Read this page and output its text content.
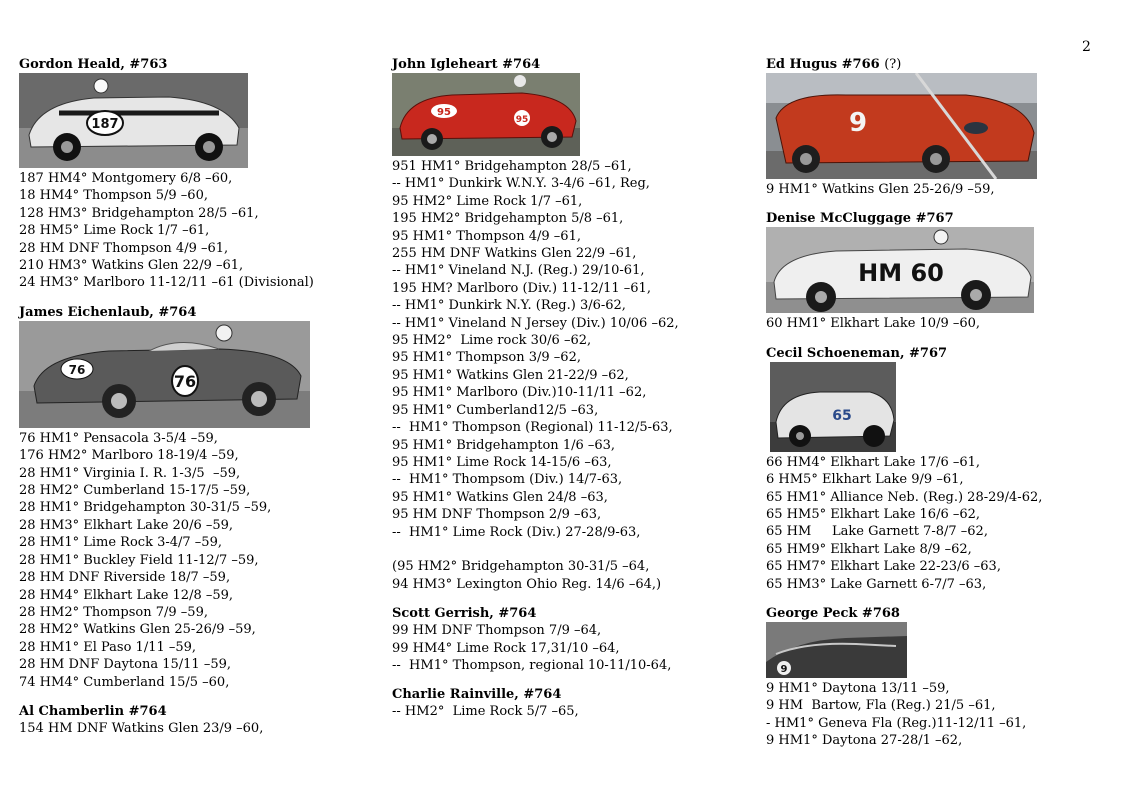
2
Gordon Heald, #763
187
187 HM4° Montgomery 6/8 –60,
18 HM4° Thompson 5/9 –60,
128 HM3° Bridgehampton 28/5 –61,
28 HM5° Lime Rock 1/7 –61,
28 HM DNF Thompson 4/9 –61,
210 HM3° Watkins Glen 22/9 –61,
24 HM3° Marlboro 11-12/11 –61 (Divisional)
James Eichenlaub, #764
76
76
76 HM1° Pensacola 3-5/4 –59,
176 HM2° Marlboro 18-19/4 –59,
28 HM1° Virginia I. R. 1-3/5  –59,
28 HM2° Cumberland 15-17/5 –59,
28 HM1° Bridgehampton 30-31/5 –59,
28 HM3° Elkhart Lake 20/6 –59,
28 HM1° Lime Rock 3-4/7 –59,
28 HM1° Buckley Field 11-12/7 –59,
28 HM DNF Riverside 18/7 –59,
28 HM4° Elkhart Lake 12/8 –59,
28 HM2° Thompson 7/9 –59,
28 HM2° Watkins Glen 25-26/9 –59,
28 HM1° El Paso 1/11 –59,
28 HM DNF Daytona 15/11 –59,
74 HM4° Cumberland 15/5 –60,
Al Chamberlin #764
154 HM DNF Watkins Glen 23/9 –60,
John Igleheart #764
95
95
951 HM1° Bridgehampton 28/5 –61,
-- HM1° Dunkirk W.N.Y. 3-4/6 –61, Reg,
95 HM2° Lime Rock 1/7 –61,
195 HM2° Bridgehampton 5/8 –61,
95 HM1° Thompson 4/9 –61,
255 HM DNF Watkins Glen 22/9 –61,
-- HM1° Vineland N.J. (Reg.) 29/10-61,
195 HM? Marlboro (Div.) 11-12/11 –61,
-- HM1° Dunkirk N.Y. (Reg.) 3/6-62,
-- HM1° Vineland N Jersey (Div.) 10/06 –62,
95 HM2°  Lime rock 30/6 –62,
95 HM1° Thompson 3/9 –62,
95 HM1° Watkins Glen 21-22/9 –62,
95 HM1° Marlboro (Div.)10-11/11 –62,
95 HM1° Cumberland12/5 –63,
--  HM1° Thompson (Regional) 11-12/5-63,
95 HM1° Bridgehampton 1/6 –63,
95 HM1° Lime Rock 14-15/6 –63,
--  HM1° Thompsom (Div.) 14/7-63,
95 HM1° Watkins Glen 24/8 –63,
95 HM DNF Thompson 2/9 –63,
--  HM1° Lime Rock (Div.) 27-28/9-63,
(95 HM2° Bridgehampton 30-31/5 –64,
94 HM3° Lexington Ohio Reg. 14/6 –64,)
Scott Gerrish, #764
99 HM DNF Thompson 7/9 –64,
99 HM4° Lime Rock 17,31/10 –64,
--  HM1° Thompson, regional 10-11/10-64,
Charlie Rainville, #764
-- HM2°  Lime Rock 5/7 –65,
Ed Hugus #766 (?)
9
9 HM1° Watkins Glen 25-26/9 –59,
Denise McCluggage #767
HM 60
60 HM1° Elkhart Lake 10/9 –60,
Cecil Schoeneman, #767
65
66 HM4° Elkhart Lake 17/6 –61,
6 HM5° Elkhart Lake 9/9 –61,
65 HM1° Alliance Neb. (Reg.) 28-29/4-62,
65 HM5° Elkhart Lake 16/6 –62,
65 HM     Lake Garnett 7-8/7 –62,
65 HM9° Elkhart Lake 8/9 –62,
65 HM7° Elkhart Lake 22-23/6 –63,
65 HM3° Lake Garnett 6-7/7 –63,
George Peck #768
9
9 HM1° Daytona 13/11 –59,
9 HM  Bartow, Fla (Reg.) 21/5 –61,
- HM1° Geneva Fla (Reg.)11-12/11 –61,
9 HM1° Daytona 27-28/1 –62,
